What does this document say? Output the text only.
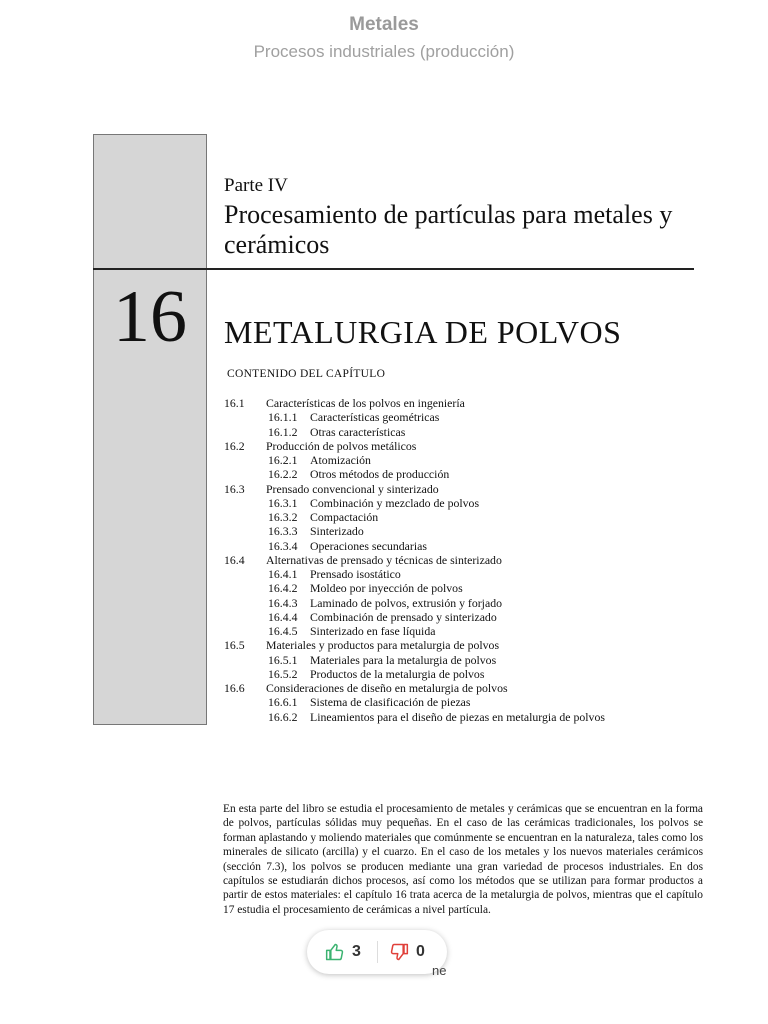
Metales
Procesos industriales (producción)
16
Parte IV
Procesamiento de partículas para metales y cerámicos
METALURGIA DE POLVOS
CONTENIDO DEL CAPÍTULO
16.1 Características de los polvos en ingeniería
16.1.1 Características geométricas
16.1.2 Otras características
16.2 Producción de polvos metálicos
16.2.1 Atomización
16.2.2 Otros métodos de producción
16.3 Prensado convencional y sinterizado
16.3.1 Combinación y mezclado de polvos
16.3.2 Compactación
16.3.3 Sinterizado
16.3.4 Operaciones secundarias
16.4 Alternativas de prensado y técnicas de sinterizado
16.4.1 Prensado isostático
16.4.2 Moldeo por inyección de polvos
16.4.3 Laminado de polvos, extrusión y forjado
16.4.4 Combinación de prensado y sinterizado
16.4.5 Sinterizado en fase líquida
16.5 Materiales y productos para metalurgia de polvos
16.5.1 Materiales para la metalurgia de polvos
16.5.2 Productos de la metalurgia de polvos
16.6 Consideraciones de diseño en metalurgia de polvos
16.6.1 Sistema de clasificación de piezas
16.6.2 Lineamientos para el diseño de piezas en metalurgia de polvos
En esta parte del libro se estudia el procesamiento de metales y cerámicas que se encuentran en la forma de polvos, partículas sólidas muy pequeñas. En el caso de las cerámicas tradicionales, los polvos se forman aplastando y moliendo materiales que comúnmente se encuentran en la naturaleza, tales como los minerales de silicato (arcilla) y el cuarzo. En el caso de los metales y los nuevos materiales cerámicos (sección 7.3), los polvos se producen mediante una gran variedad de procesos industriales. En dos capítulos se estudiarán dichos procesos, así como los métodos que se utilizan para formar productos a partir de estos materiales: el capítulo 16 trata acerca de la metalurgia de polvos, mientras que el capítulo 17 estudia el procesamiento de cerámicas a nivel partícula.
3	0
ne
